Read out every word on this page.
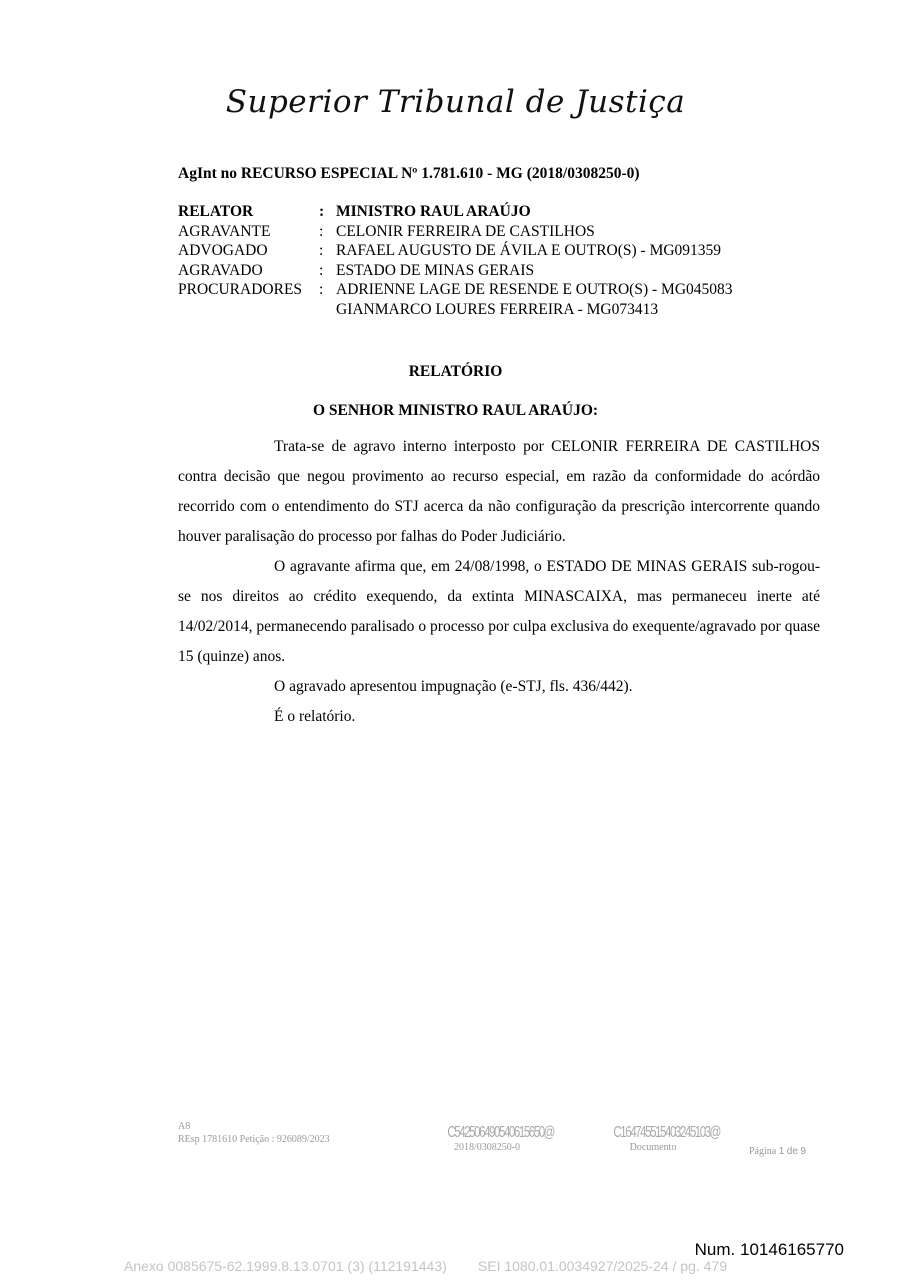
Superior Tribunal de Justiça
AgInt no RECURSO ESPECIAL Nº 1.781.610 - MG (2018/0308250-0)
RELATOR	: MINISTRO RAUL ARAÚJO
AGRAVANTE	: CELONIR FERREIRA DE CASTILHOS
ADVOGADO	: RAFAEL AUGUSTO DE ÁVILA E OUTRO(S) - MG091359
AGRAVADO	: ESTADO DE MINAS GERAIS
PROCURADORES	: ADRIENNE LAGE DE RESENDE E OUTRO(S) - MG045083
GIANMARCO LOURES FERREIRA - MG073413
RELATÓRIO
O SENHOR MINISTRO RAUL ARAÚJO:

Trata-se de agravo interno interposto por CELONIR FERREIRA DE CASTILHOS contra decisão que negou provimento ao recurso especial, em razão da conformidade do acórdão recorrido com o entendimento do STJ acerca da não configuração da prescrição intercorrente quando houver paralisação do processo por falhas do Poder Judiciário.

O agravante afirma que, em 24/08/1998, o ESTADO DE MINAS GERAIS sub-rogou-se nos direitos ao crédito exequendo, da extinta MINASCAIXA, mas permaneceu inerte até 14/02/2014, permanecendo paralisado o processo por culpa exclusiva do exequente/agravado por quase 15 (quinze) anos.

O agravado apresentou impugnação (e-STJ, fls. 436/442).

É o relatório.

A8
REsp 1781610 Petição : 926089/2023	C542506490540615650@
2018/0308250-0
C164745515403245103@
Documento	Página 1 de 9
Num. 10146165770
Anexo 0085675-62.1999.8.13.0701 (3) (112191443) SEI 1080.01.0034927/2025-24 / pg. 479
